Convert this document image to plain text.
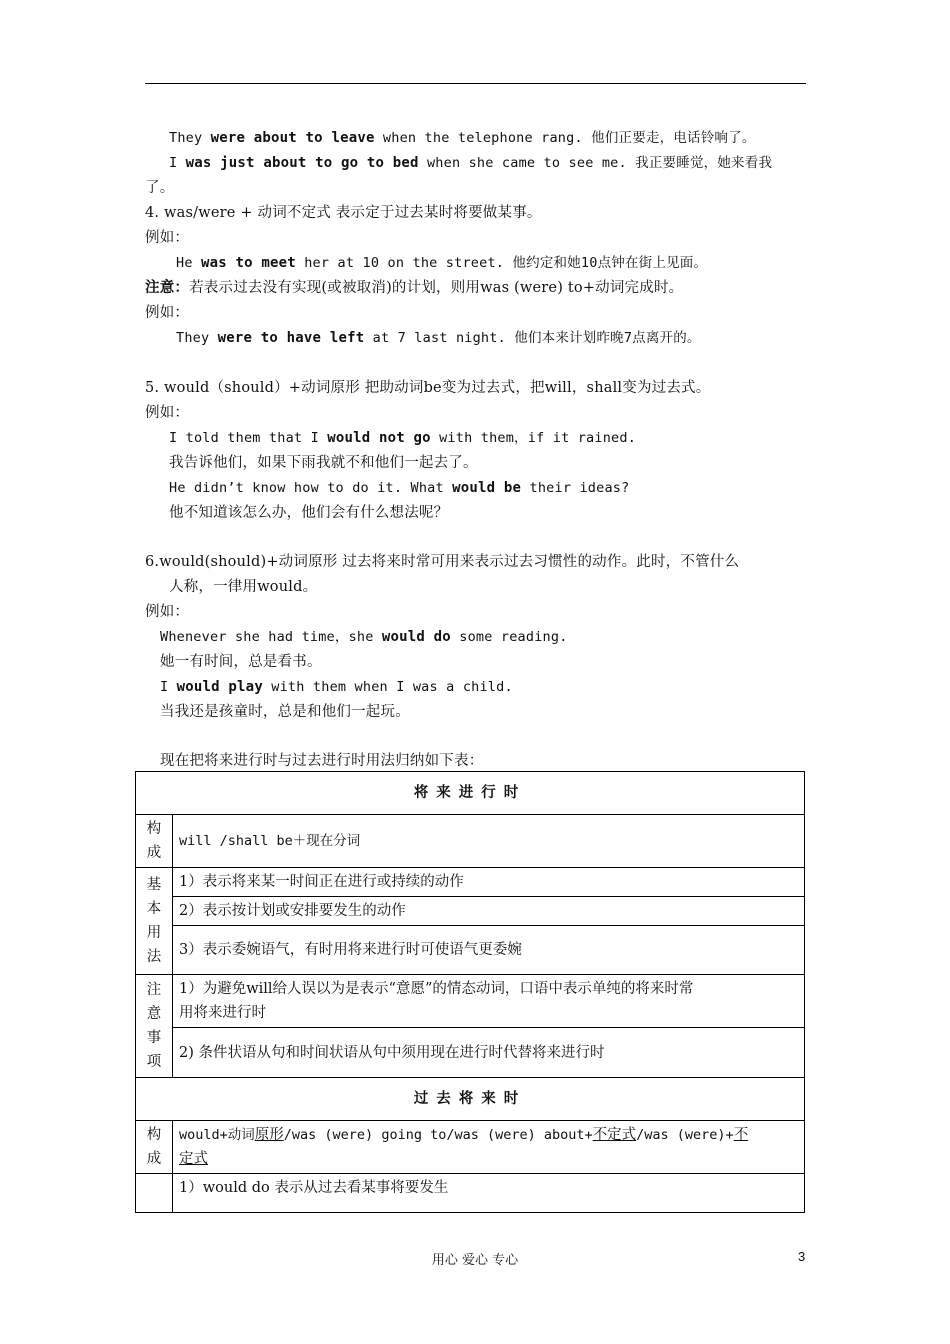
They were about to leave when the telephone rang. 他们正要走，电话铃响了。
I was just about to go to bed when she came to see me. 我正要睡觉，她来看我
了。
4. was/were + 动词不定式 表示定于过去某时将要做某事。
例如：
He was to meet her at 10 on the street. 他约定和她10点钟在街上见面。
注意：若表示过去没有实现(或被取消)的计划，则用was (were) to+动词完成时。
例如：
They were to have left at 7 last night. 他们本来计划昨晚7点离开的。
5. would（should）+动词原形 把助动词be变为过去式，把will，shall变为过去式。
例如：
I told them that I would not go with them，if it rained.
我告诉他们，如果下雨我就不和他们一起去了。
He didn’t know how to do it. What would be their ideas?
他不知道该怎么办，他们会有什么想法呢？
6.would(should)+动词原形 过去将来时常可用来表示过去习惯性的动作。此时，不管什么
人称，一律用would。
例如：
Whenever she had time，she would do some reading.
她一有时间，总是看书。
I would play with them when I was a child.
当我还是孩童时，总是和他们一起玩。
现在把将来进行时与过去进行时用法归纳如下表：
将来进行时	
构
成	will /shall be＋现在分词
基
本
用
法	1）表示将来某一时间正在进行或持续的动作
	2）表示按计划或安排要发生的动作
	3）表示委婉语气，有时用将来进行时可使语气更委婉
注
意
事
项	1）为避免will给人误以为是表示“意愿”的情态动词，口语中表示单纯的将来时常
用将来进行时
	2) 条件状语从句和时间状语从句中须用现在进行时代替将来进行时
过去将来时	
构
成	would+动词原形/was (were) going to/was (were) about+不定式/was (were)+不
定式
	1）would do 表示从过去看某事将要发生
用心 爱心 专心	3
